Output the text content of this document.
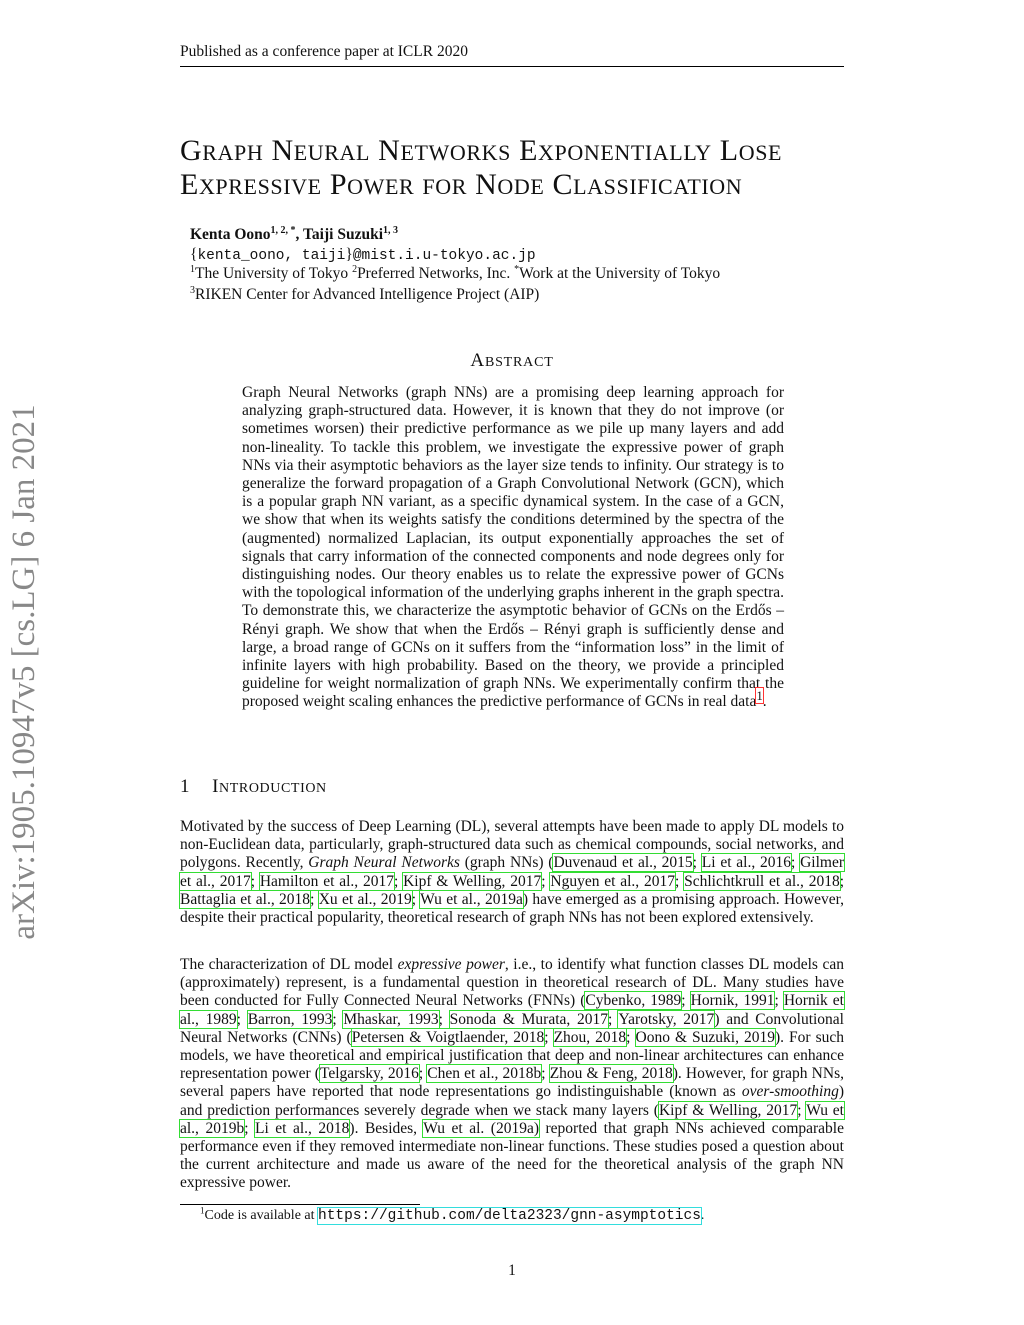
Published as a conference paper at ICLR 2020
GRAPH NEURAL NETWORKS EXPONENTIALLY LOSE
EXPRESSIVE POWER FOR NODE CLASSIFICATION
Kenta Oono$^{1, 2, *}$, Taiji Suzuki$^{1, 3}$
{kenta_oono, taiji}@mist.i.u-tokyo.ac.jp
$^1$The University of Tokyo $^2$Preferred Networks, Inc. *Work at the University of Tokyo
$^3$RIKEN Center for Advanced Intelligence Project (AIP)
arXiv:1905.10947v5 [cs.LG] 6 Jan 2021
ABSTRACT
Graph Neural Networks (graph NNs) are a promising deep learning approach for analyzing graph-structured data. However, it is known that they do not improve (or sometimes worsen) their predictive performance as we pile up many layers and add non-lineality. To tackle this problem, we investigate the expressive power of graph NNs via their asymptotic behaviors as the layer size tends to infinity. Our strategy is to generalize the forward propagation of a Graph Convolutional Network (GCN), which is a popular graph NN variant, as a specific dynamical system. In the case of a GCN, we show that when its weights satisfy the conditions determined by the spectra of the (augmented) normalized Laplacian, its output exponentially approaches the set of signals that carry information of the connected components and node degrees only for distinguishing nodes. Our theory enables us to relate the expressive power of GCNs with the topological information of the underlying graphs inherent in the graph spectra. To demonstrate this, we characterize the asymptotic behavior of GCNs on the Erdős – Rényi graph. We show that when the Erdős – Rényi graph is sufficiently dense and large, a broad range of GCNs on it suffers from the “information loss” in the limit of infinite layers with high probability. Based on the theory, we provide a principled guideline for weight normalization of graph NNs. We experimentally confirm that the proposed weight scaling enhances the predictive performance of GCNs in real data$^1$.
1 INTRODUCTION
Motivated by the success of Deep Learning (DL), several attempts have been made to apply DL models to non-Euclidean data, particularly, graph-structured data such as chemical compounds, social networks, and polygons. Recently, Graph Neural Networks (graph NNs) (Duvenaud et al., 2015; Li et al., 2016; Gilmer et al., 2017; Hamilton et al., 2017; Kipf & Welling, 2017; Nguyen et al., 2017; Schlichtkrull et al., 2018; Battaglia et al., 2018; Xu et al., 2019; Wu et al., 2019a) have emerged as a promising approach. However, despite their practical popularity, theoretical research of graph NNs has not been explored extensively.
The characterization of DL model expressive power, i.e., to identify what function classes DL models can (approximately) represent, is a fundamental question in theoretical research of DL. Many studies have been conducted for Fully Connected Neural Networks (FNNs) (Cybenko, 1989; Hornik, 1991; Hornik et al., 1989; Barron, 1993; Mhaskar, 1993; Sonoda & Murata, 2017; Yarotsky, 2017) and Convolutional Neural Networks (CNNs) (Petersen & Voigtlaender, 2018; Zhou, 2018; Oono & Suzuki, 2019). For such models, we have theoretical and empirical justification that deep and non-linear architectures can enhance representation power (Telgarsky, 2016; Chen et al., 2018b; Zhou & Feng, 2018). However, for graph NNs, several papers have reported that node representations go indistinguishable (known as over-smoothing) and prediction performances severely degrade when we stack many layers (Kipf & Welling, 2017; Wu et al., 2019b; Li et al., 2018). Besides, Wu et al. (2019a) reported that graph NNs achieved comparable performance even if they removed intermediate non-linear functions. These studies posed a question about the current architecture and made us aware of the need for the theoretical analysis of the graph NN expressive power.
$^1$Code is available at https://github.com/delta2323/gnn-asymptotics.
1
